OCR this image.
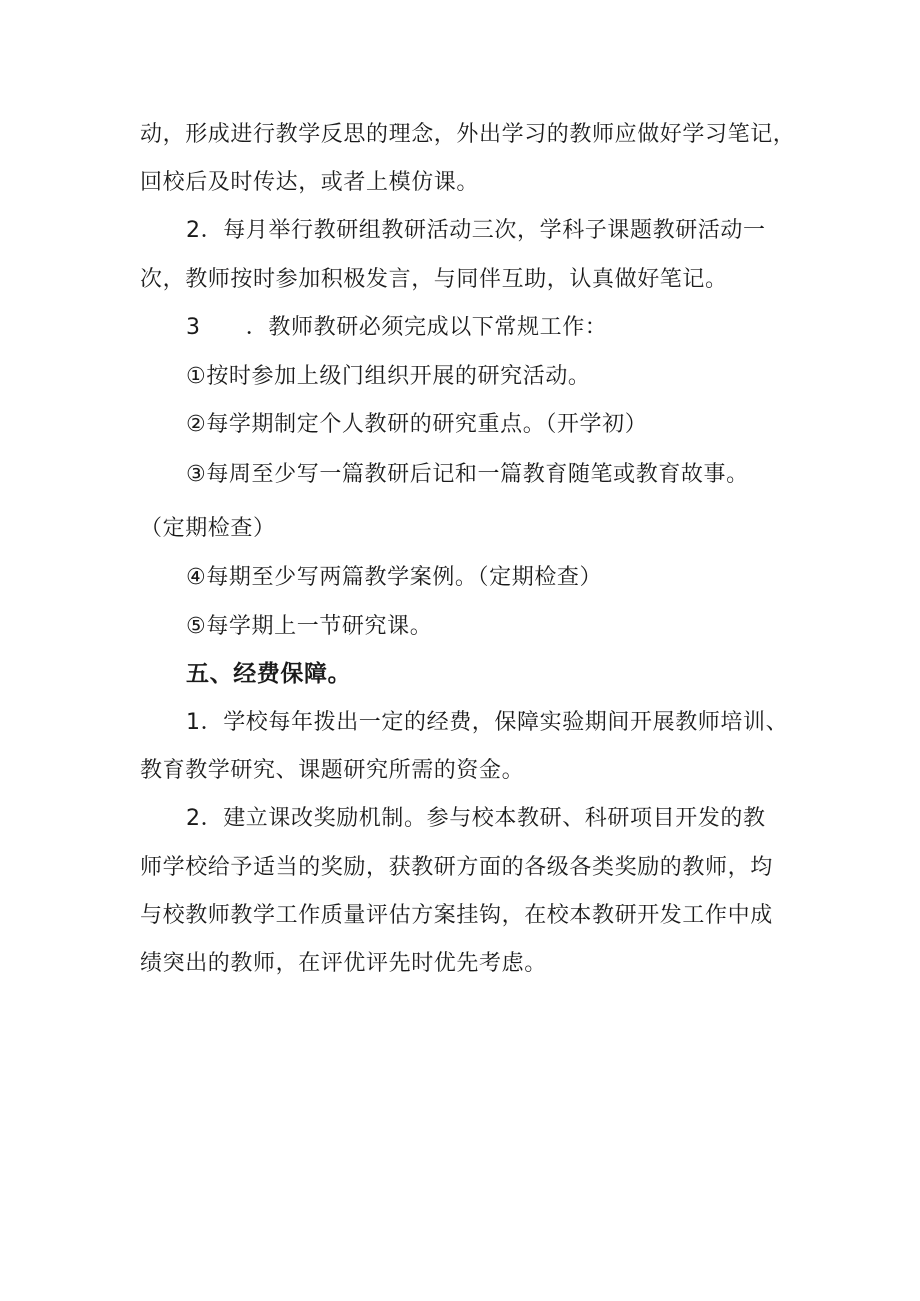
动，形成进行教学反思的理念，外出学习的教师应做好学习笔记，
回校后及时传达，或者上模仿课。
2．每月举行教研组教研活动三次，学科子课题教研活动一
次，教师按时参加积极发言，与同伴互助，认真做好笔记。
3　　．教师教研必须完成以下常规工作：
①按时参加上级门组织开展的研究活动。
②每学期制定个人教研的研究重点。（开学初）
③每周至少写一篇教研后记和一篇教育随笔或教育故事。
（定期检查）
④每期至少写两篇教学案例。（定期检查）
⑤每学期上一节研究课。
五、经费保障。
1．学校每年拨出一定的经费，保障实验期间开展教师培训、
教育教学研究、课题研究所需的资金。
2．建立课改奖励机制。参与校本教研、科研项目开发的教
师学校给予适当的奖励，获教研方面的各级各类奖励的教师，均
与校教师教学工作质量评估方案挂钩，在校本教研开发工作中成
绩突出的教师，在评优评先时优先考虑。
